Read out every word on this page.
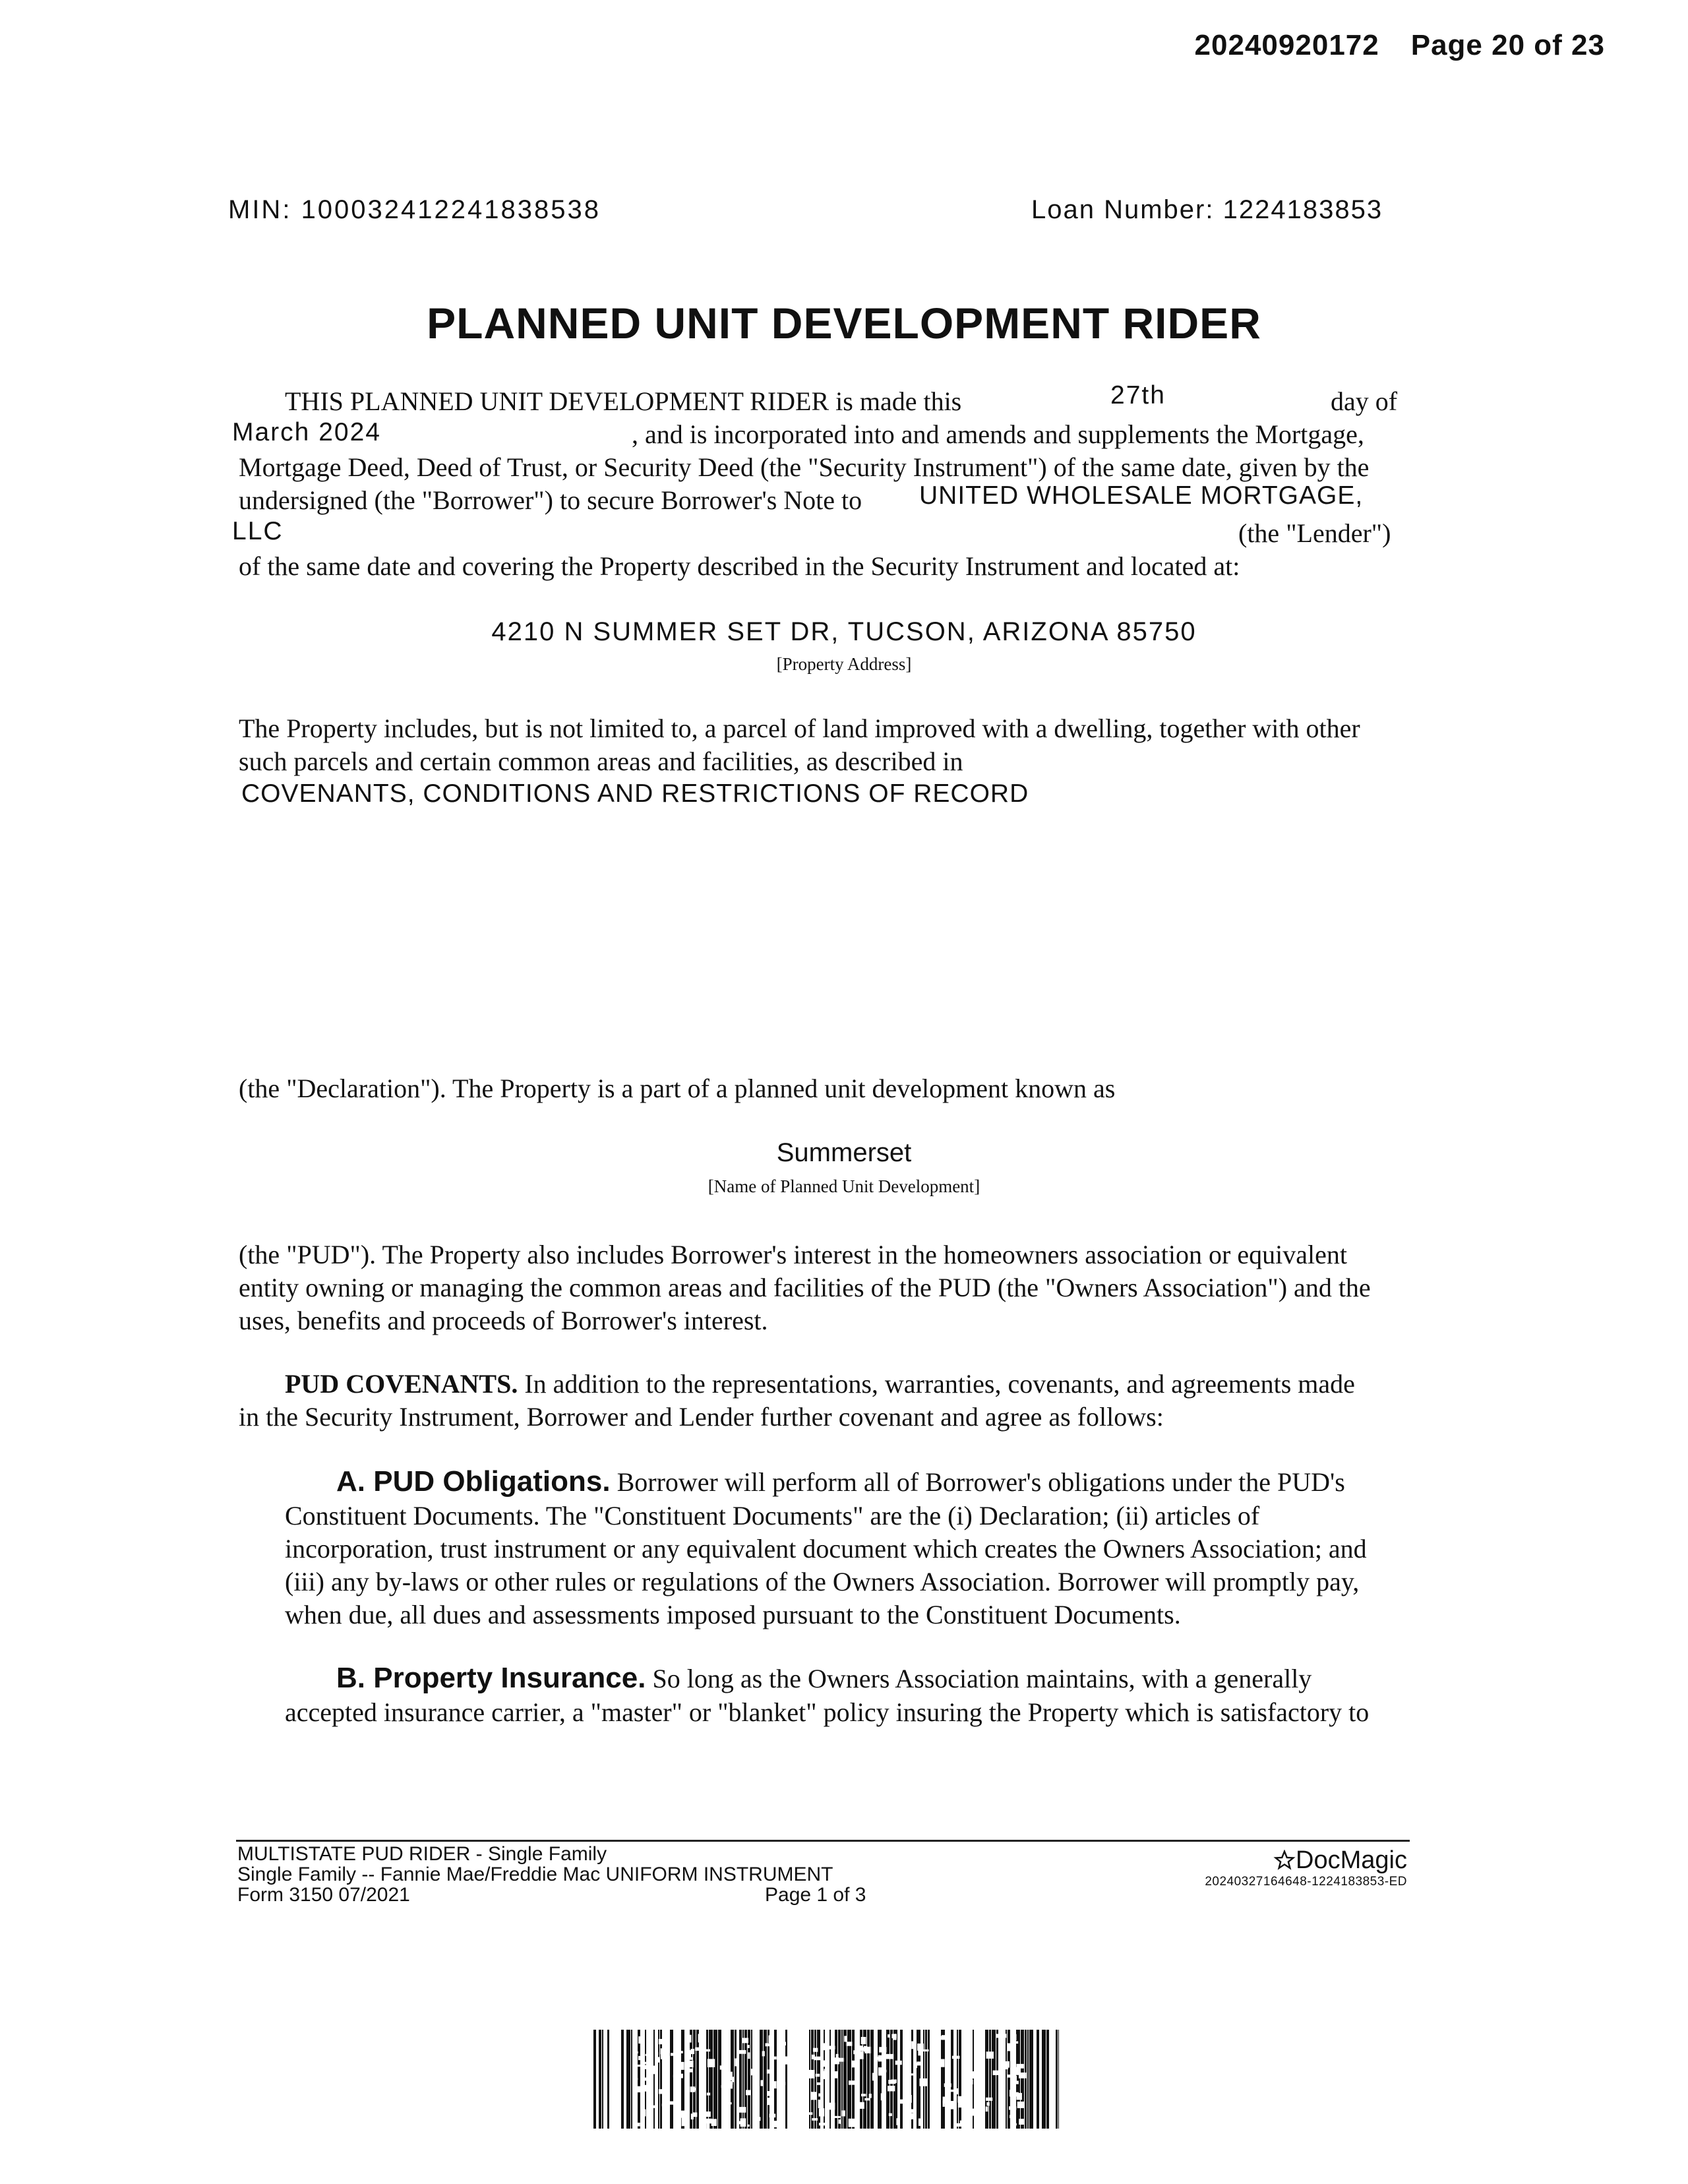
20240920172 Page 20 of 23
MIN: 100032412241838538	Loan Number: 1224183853
PLANNED UNIT DEVELOPMENT RIDER
THIS PLANNED UNIT DEVELOPMENT RIDER is made this	27th	day of
March 2024	, and is incorporated into and amends and supplements the Mortgage,
Mortgage Deed, Deed of Trust, or Security Deed (the "Security Instrument") of the same date, given by the
undersigned (the "Borrower") to secure Borrower's Note to UNITED WHOLESALE MORTGAGE,
LLC	(the "Lender")
of the same date and covering the Property described in the Security Instrument and located at:
4210 N SUMMER SET DR, TUCSON, ARIZONA 85750
[Property Address]
The Property includes, but is not limited to, a parcel of land improved with a dwelling, together with other
such parcels and certain common areas and facilities, as described in
COVENANTS, CONDITIONS AND RESTRICTIONS OF RECORD
(the "Declaration"). The Property is a part of a planned unit development known as
Summerset
[Name of Planned Unit Development]
(the "PUD"). The Property also includes Borrower's interest in the homeowners association or equivalent
entity owning or managing the common areas and facilities of the PUD (the "Owners Association") and the
uses, benefits and proceeds of Borrower's interest.
PUD COVENANTS. In addition to the representations, warranties, covenants, and agreements made
in the Security Instrument, Borrower and Lender further covenant and agree as follows:
A. PUD Obligations. Borrower will perform all of Borrower's obligations under the PUD's
Constituent Documents. The "Constituent Documents" are the (i) Declaration; (ii) articles of
incorporation, trust instrument or any equivalent document which creates the Owners Association; and
(iii) any by-laws or other rules or regulations of the Owners Association. Borrower will promptly pay,
when due, all dues and assessments imposed pursuant to the Constituent Documents.
B. Property Insurance. So long as the Owners Association maintains, with a generally
accepted insurance carrier, a "master" or "blanket" policy insuring the Property which is satisfactory to
MULTISTATE PUD RIDER - Single Family
Single Family -- Fannie Mae/Freddie Mac UNIFORM INSTRUMENT
Form 3150 07/2021	Page 1 of 3
DocMagic
20240327164648-1224183853-ED
